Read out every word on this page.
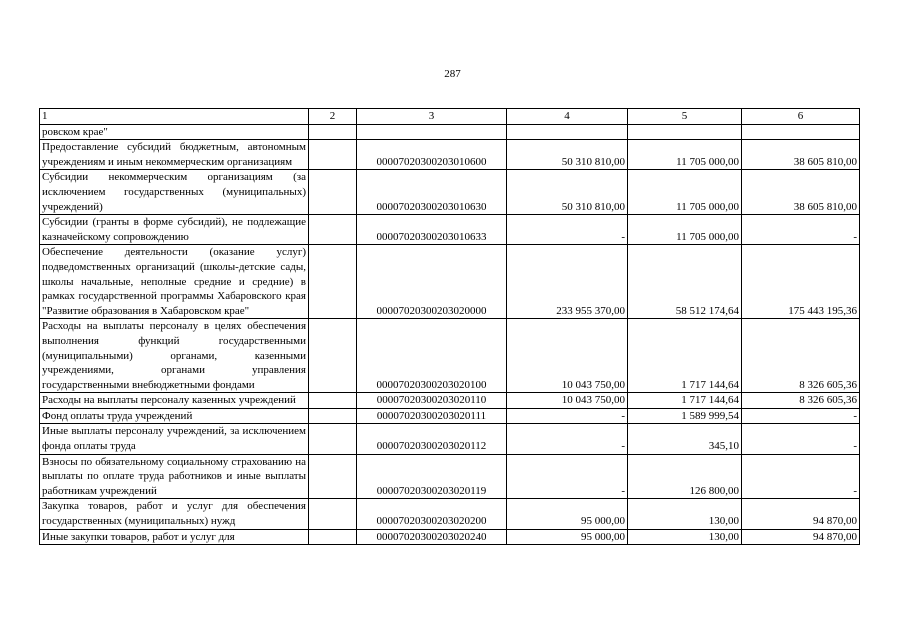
287
1	2	3	4	5	6
ровском крае"					
Предоставление субсидий бюджетным, автономным учреждениям и иным некоммерческим организациям		00007020300203010600	50 310 810,00	11 705 000,00	38 605 810,00
Субсидии некоммерческим организациям (за исключением государственных (муниципальных) учреждений)		00007020300203010630	50 310 810,00	11 705 000,00	38 605 810,00
Субсидии (гранты в форме субсидий), не подлежащие казначейскому сопровождению		00007020300203010633	-	11 705 000,00	-
Обеспечение деятельности (оказание услуг) подведомственных организаций (школы-детские сады, школы начальные, неполные средние и средние) в рамках государственной программы Хабаровского края "Развитие образования в Хабаровском крае"		00007020300203020000	233 955 370,00	58 512 174,64	175 443 195,36
Расходы на выплаты персоналу в целях обеспечения выполнения функций государственными (муниципальными) органами, казенными учреждениями, органами управления государственными внебюджетными фондами		00007020300203020100	10 043 750,00	1 717 144,64	8 326 605,36
Расходы на выплаты персоналу казенных учреждений		00007020300203020110	10 043 750,00	1 717 144,64	8 326 605,36
Фонд оплаты труда учреждений		00007020300203020111	-	1 589 999,54	-
Иные выплаты персоналу учреждений, за исключением фонда оплаты труда		00007020300203020112	-	345,10	-
Взносы по обязательному социальному страхованию на выплаты по оплате труда работников и иные выплаты работникам учреждений		00007020300203020119	-	126 800,00	-
Закупка товаров, работ и услуг для обеспечения государственных (муниципальных) нужд		00007020300203020200	95 000,00	130,00	94 870,00
Иные закупки товаров, работ и услуг для		00007020300203020240	95 000,00	130,00	94 870,00
